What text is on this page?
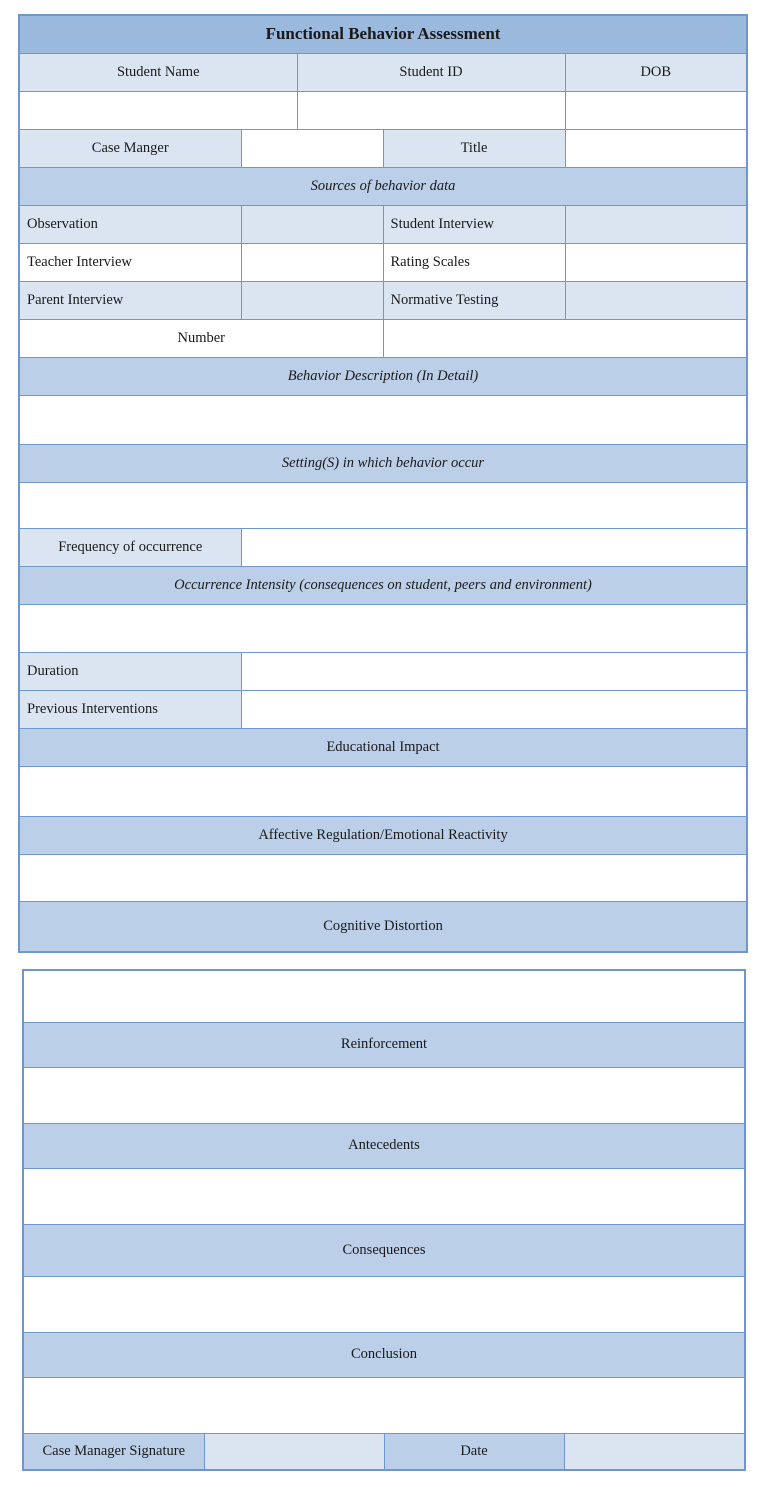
Functional Behavior Assessment				
Student Name		Student ID		DOB

Case Manger			Title	
Sources of behavior data				
Observation			Student Interview	
Teacher Interview			Rating Scales	
Parent Interview			Normative Testing	
Number				
Behavior Description (In Detail)				

Setting(S) in which behavior occur				

Frequency of occurrence				
Occurrence Intensity (consequences on student, peers and environment)				

Duration				
Previous Interventions				
Educational Impact				

Affective Regulation/Emotional Reactivity				

Cognitive Distortion				

Reinforcement

Antecedents

Consequences

Conclusion

Case Manager Signature		Date	
